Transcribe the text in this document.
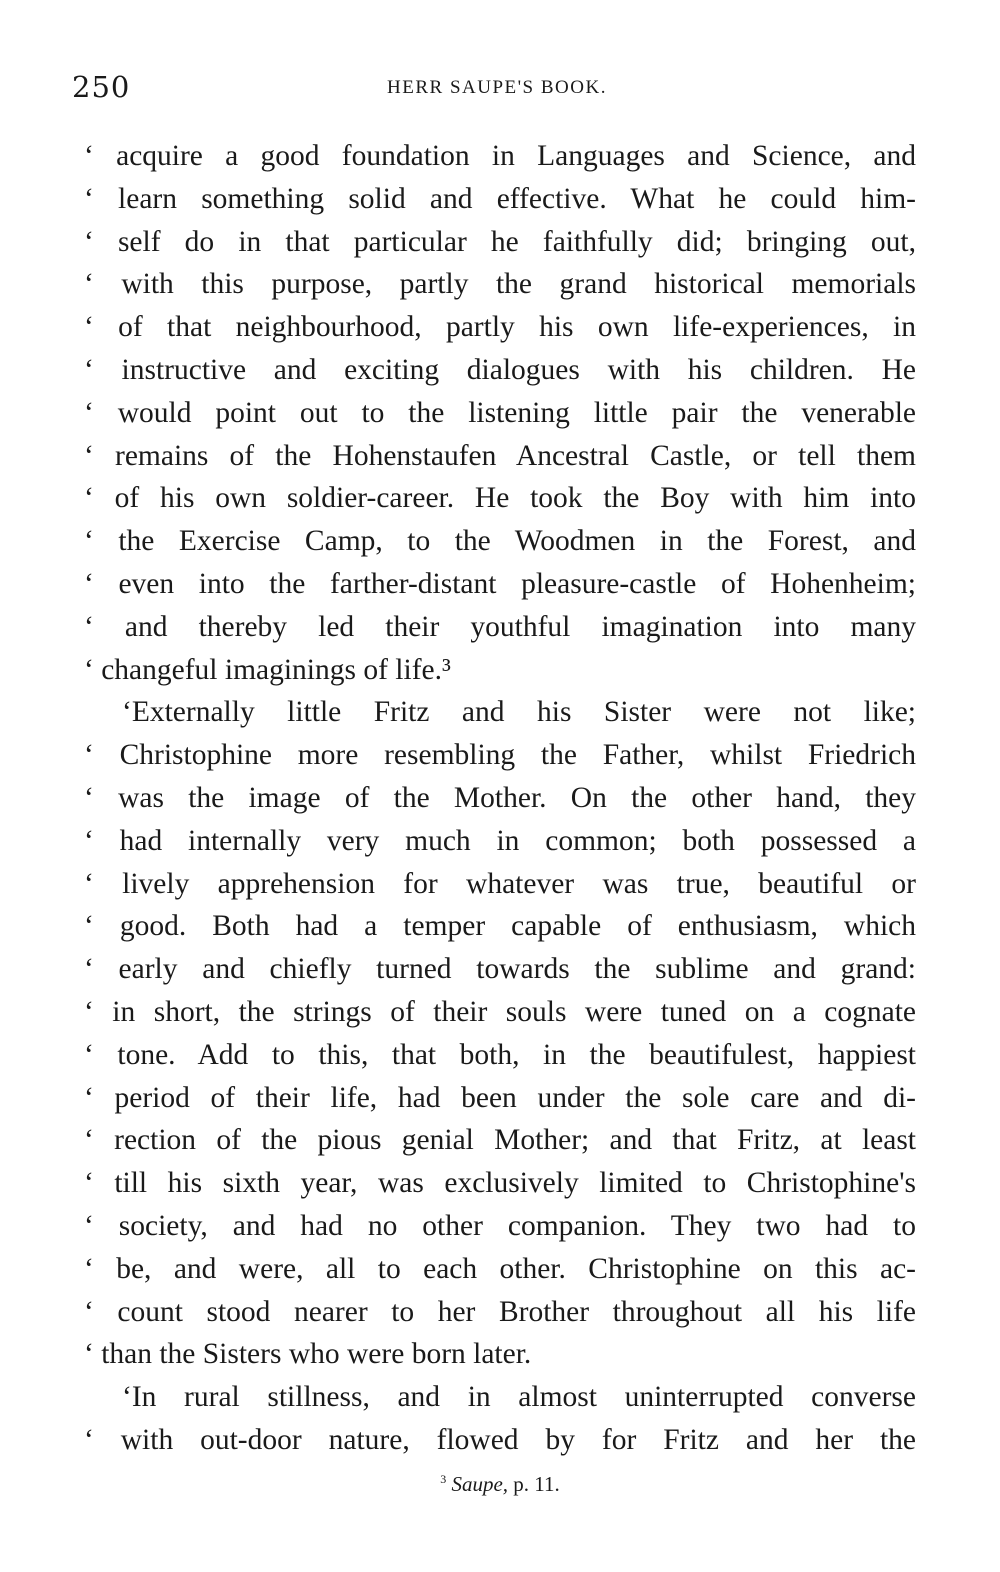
250	HERR SAUPE'S BOOK.
‘ acquire a good foundation in Languages and Science, and
‘ learn something solid and effective. What he could him-
‘ self do in that particular he faithfully did; bringing out,
‘ with this purpose, partly the grand historical memorials
‘ of that neighbourhood, partly his own life-experiences, in
‘ instructive and exciting dialogues with his children. He
‘ would point out to the listening little pair the venerable
‘ remains of the Hohenstaufen Ancestral Castle, or tell them
‘ of his own soldier-career. He took the Boy with him into
‘ the Exercise Camp, to the Woodmen in the Forest, and
‘ even into the farther-distant pleasure-castle of Hohenheim;
‘ and thereby led their youthful imagination into many
‘ changeful imaginings of life.³
‘Externally little Fritz and his Sister were not like;
‘ Christophine more resembling the Father, whilst Friedrich
‘ was the image of the Mother. On the other hand, they
‘ had internally very much in common; both possessed a
‘ lively apprehension for whatever was true, beautiful or
‘ good. Both had a temper capable of enthusiasm, which
‘ early and chiefly turned towards the sublime and grand:
‘ in short, the strings of their souls were tuned on a cognate
‘ tone. Add to this, that both, in the beautifulest, happiest
‘ period of their life, had been under the sole care and di-
‘ rection of the pious genial Mother; and that Fritz, at least
‘ till his sixth year, was exclusively limited to Christophine's
‘ society, and had no other companion. They two had to
‘ be, and were, all to each other. Christophine on this ac-
‘ count stood nearer to her Brother throughout all his life
‘ than the Sisters who were born later.
‘In rural stillness, and in almost uninterrupted converse
‘ with out-door nature, flowed by for Fritz and her the
$^3$ Saupe, p. 11.
